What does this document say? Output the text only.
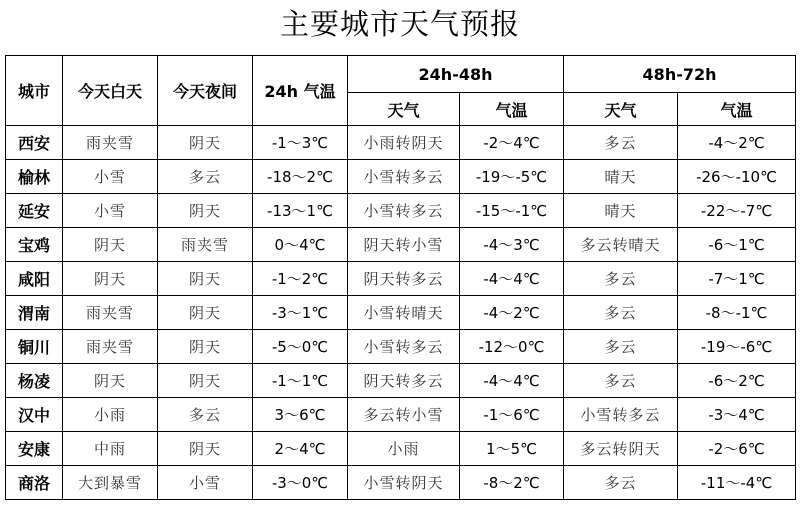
主要城市天气预报
城市	今天白天	今天夜间	24h 气温	24h-48h		48h-72h	
				天气	气温	天气	气温
西安	雨夹雪	阴天	-1～3℃	小雨转阴天	-2～4℃	多云	-4～2℃
榆林	小雪	多云	-18～2℃	小雪转多云	-19～-5℃	晴天	-26～-10℃
延安	小雪	阴天	-13～1℃	小雪转多云	-15～-1℃	晴天	-22～-7℃
宝鸡	阴天	雨夹雪	0～4℃	阴天转小雪	-4～3℃	多云转晴天	-6～1℃
咸阳	阴天	阴天	-1～2℃	阴天转多云	-4～4℃	多云	-7～1℃
渭南	雨夹雪	阴天	-3～1℃	小雪转晴天	-4～2℃	多云	-8～-1℃
铜川	雨夹雪	阴天	-5～0℃	小雪转多云	-12～0℃	多云	-19～-6℃
杨凌	阴天	阴天	-1～1℃	阴天转多云	-4～4℃	多云	-6～2℃
汉中	小雨	多云	3～6℃	多云转小雪	-1～6℃	小雪转多云	-3～4℃
安康	中雨	阴天	2～4℃	小雨	1～5℃	多云转阴天	-2～6℃
商洛	大到暴雪	小雪	-3～0℃	小雪转阴天	-8～2℃	多云	-11～-4℃
